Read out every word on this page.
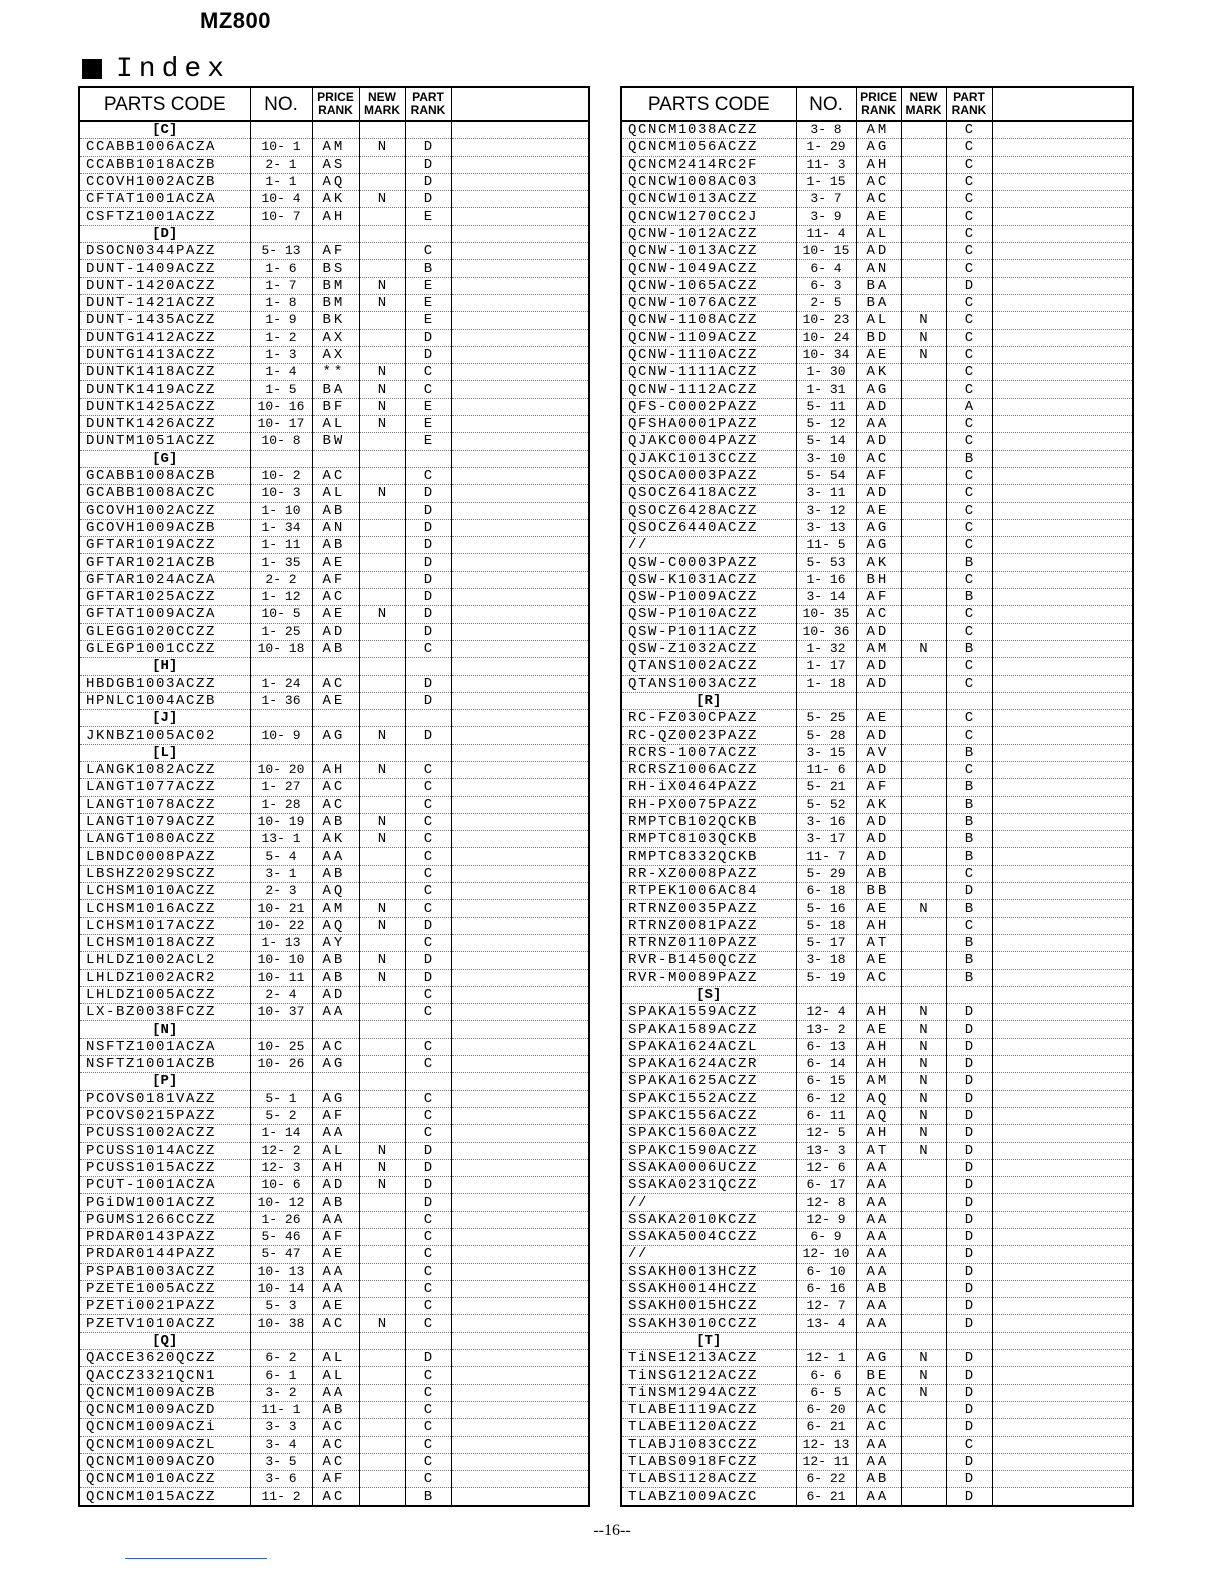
MZ800
Index
PARTS CODE	NO.	PRICE RANK	NEW MARK	PART RANK	
[C]					
CCABB1006ACZA	10- 1	AM	N	D	
CCABB1018ACZB	2- 1	AS		D	
CCOVH1002ACZB	1- 1	AQ		D	
CFTAT1001ACZA	10- 4	AK	N	D	
CSFTZ1001ACZZ	10- 7	AH		E	
[D]					
DSOCN0344PAZZ	5- 13	AF		C	
DUNT-1409ACZZ	1- 6	BS		B	
DUNT-1420ACZZ	1- 7	BM	N	E	
DUNT-1421ACZZ	1- 8	BM	N	E	
DUNT-1435ACZZ	1- 9	BK		E	
DUNTG1412ACZZ	1- 2	AX		D	
DUNTG1413ACZZ	1- 3	AX		D	
DUNTK1418ACZZ	1- 4	**	N	C	
DUNTK1419ACZZ	1- 5	BA	N	C	
DUNTK1425ACZZ	10- 16	BF	N	E	
DUNTK1426ACZZ	10- 17	AL	N	E	
DUNTM1051ACZZ	10- 8	BW		E	
[G]					
GCABB1008ACZB	10- 2	AC		C	
GCABB1008ACZC	10- 3	AL	N	D	
GCOVH1002ACZZ	1- 10	AB		D	
GCOVH1009ACZB	1- 34	AN		D	
GFTAR1019ACZZ	1- 11	AB		D	
GFTAR1021ACZB	1- 35	AE		D	
GFTAR1024ACZA	2- 2	AF		D	
GFTAR1025ACZZ	1- 12	AC		D	
GFTAT1009ACZA	10- 5	AE	N	D	
GLEGG1020CCZZ	1- 25	AD		D	
GLEGP1001CCZZ	10- 18	AB		C	
[H]					
HBDGB1003ACZZ	1- 24	AC		D	
HPNLC1004ACZB	1- 36	AE		D	
[J]					
JKNBZ1005AC02	10- 9	AG	N	D	
[L]					
LANGK1082ACZZ	10- 20	AH	N	C	
LANGT1077ACZZ	1- 27	AC		C	
LANGT1078ACZZ	1- 28	AC		C	
LANGT1079ACZZ	10- 19	AB	N	C	
LANGT1080ACZZ	13- 1	AK	N	C	
LBNDC0008PAZZ	5- 4	AA		C	
LBSHZ2029SCZZ	3- 1	AB		C	
LCHSM1010ACZZ	2- 3	AQ		C	
LCHSM1016ACZZ	10- 21	AM	N	C	
LCHSM1017ACZZ	10- 22	AQ	N	D	
LCHSM1018ACZZ	1- 13	AY		C	
LHLDZ1002ACL2	10- 10	AB	N	D	
LHLDZ1002ACR2	10- 11	AB	N	D	
LHLDZ1005ACZZ	2- 4	AD		C	
LX-BZ0038FCZZ	10- 37	AA		C	
[N]					
NSFTZ1001ACZA	10- 25	AC		C	
NSFTZ1001ACZB	10- 26	AG		C	
[P]					
PCOVS0181VAZZ	5- 1	AG		C	
PCOVS0215PAZZ	5- 2	AF		C	
PCUSS1002ACZZ	1- 14	AA		C	
PCUSS1014ACZZ	12- 2	AL	N	D	
PCUSS1015ACZZ	12- 3	AH	N	D	
PCUT-1001ACZA	10- 6	AD	N	D	
PGiDW1001ACZZ	10- 12	AB		D	
PGUMS1266CCZZ	1- 26	AA		C	
PRDAR0143PAZZ	5- 46	AF		C	
PRDAR0144PAZZ	5- 47	AE		C	
PSPAB1003ACZZ	10- 13	AA		C	
PZETE1005ACZZ	10- 14	AA		C	
PZETi0021PAZZ	5- 3	AE		C	
PZETV1010ACZZ	10- 38	AC	N	C	
[Q]					
QACCE3620QCZZ	6- 2	AL		D	
QACCZ3321QCN1	6- 1	AL		C	
QCNCM1009ACZB	3- 2	AA		C	
QCNCM1009ACZD	11- 1	AB		C	
QCNCM1009ACZi	3- 3	AC		C	
QCNCM1009ACZL	3- 4	AC		C	
QCNCM1009ACZO	3- 5	AC		C	
QCNCM1010ACZZ	3- 6	AF		C	
QCNCM1015ACZZ	11- 2	AC		B	
PARTS CODE	NO.	PRICE RANK	NEW MARK	PART RANK	
QCNCM1038ACZZ	3- 8	AM		C	
QCNCM1056ACZZ	1- 29	AG		C	
QCNCM2414RC2F	11- 3	AH		C	
QCNCW1008AC03	1- 15	AC		C	
QCNCW1013ACZZ	3- 7	AC		C	
QCNCW1270CC2J	3- 9	AE		C	
QCNW-1012ACZZ	11- 4	AL		C	
QCNW-1013ACZZ	10- 15	AD		C	
QCNW-1049ACZZ	6- 4	AN		C	
QCNW-1065ACZZ	6- 3	BA		D	
QCNW-1076ACZZ	2- 5	BA		C	
QCNW-1108ACZZ	10- 23	AL	N	C	
QCNW-1109ACZZ	10- 24	BD	N	C	
QCNW-1110ACZZ	10- 34	AE	N	C	
QCNW-1111ACZZ	1- 30	AK		C	
QCNW-1112ACZZ	1- 31	AG		C	
QFS-C0002PAZZ	5- 11	AD		A	
QFSHA0001PAZZ	5- 12	AA		C	
QJAKC0004PAZZ	5- 14	AD		C	
QJAKC1013CCZZ	3- 10	AC		B	
QSOCA0003PAZZ	5- 54	AF		C	
QSOCZ6418ACZZ	3- 11	AD		C	
QSOCZ6428ACZZ	3- 12	AE		C	
QSOCZ6440ACZZ	3- 13	AG		C	
//	11- 5	AG		C	
QSW-C0003PAZZ	5- 53	AK		B	
QSW-K1031ACZZ	1- 16	BH		C	
QSW-P1009ACZZ	3- 14	AF		B	
QSW-P1010ACZZ	10- 35	AC		C	
QSW-P1011ACZZ	10- 36	AD		C	
QSW-Z1032ACZZ	1- 32	AM	N	B	
QTANS1002ACZZ	1- 17	AD		C	
QTANS1003ACZZ	1- 18	AD		C	
[R]					
RC-FZ030CPAZZ	5- 25	AE		C	
RC-QZ0023PAZZ	5- 28	AD		C	
RCRS-1007ACZZ	3- 15	AV		B	
RCRSZ1006ACZZ	11- 6	AD		C	
RH-iX0464PAZZ	5- 21	AF		B	
RH-PX0075PAZZ	5- 52	AK		B	
RMPTCB102QCKB	3- 16	AD		B	
RMPTC8103QCKB	3- 17	AD		B	
RMPTC8332QCKB	11- 7	AD		B	
RR-XZ0008PAZZ	5- 29	AB		C	
RTPEK1006AC84	6- 18	BB		D	
RTRNZ0035PAZZ	5- 16	AE	N	B	
RTRNZ0081PAZZ	5- 18	AH		C	
RTRNZ0110PAZZ	5- 17	AT		B	
RVR-B1450QCZZ	3- 18	AE		B	
RVR-M0089PAZZ	5- 19	AC		B	
[S]					
SPAKA1559ACZZ	12- 4	AH	N	D	
SPAKA1589ACZZ	13- 2	AE	N	D	
SPAKA1624ACZL	6- 13	AH	N	D	
SPAKA1624ACZR	6- 14	AH	N	D	
SPAKA1625ACZZ	6- 15	AM	N	D	
SPAKC1552ACZZ	6- 12	AQ	N	D	
SPAKC1556ACZZ	6- 11	AQ	N	D	
SPAKC1560ACZZ	12- 5	AH	N	D	
SPAKC1590ACZZ	13- 3	AT	N	D	
SSAKA0006UCZZ	12- 6	AA		D	
SSAKA0231QCZZ	6- 17	AA		D	
//	12- 8	AA		D	
SSAKA2010KCZZ	12- 9	AA		D	
SSAKA5004CCZZ	6- 9	AA		D	
//	12- 10	AA		D	
SSAKH0013HCZZ	6- 10	AA		D	
SSAKH0014HCZZ	6- 16	AB		D	
SSAKH0015HCZZ	12- 7	AA		D	
SSAKH3010CCZZ	13- 4	AA		D	
[T]					
TiNSE1213ACZZ	12- 1	AG	N	D	
TiNSG1212ACZZ	6- 6	BE	N	D	
TiNSM1294ACZZ	6- 5	AC	N	D	
TLABE1119ACZZ	6- 20	AC		D	
TLABE1120ACZZ	6- 21	AC		D	
TLABJ1083CCZZ	12- 13	AA		C	
TLABS0918FCZZ	12- 11	AA		D	
TLABS1128ACZZ	6- 22	AB		D	
TLABZ1009ACZC	6- 21	AA		D	
--16--
